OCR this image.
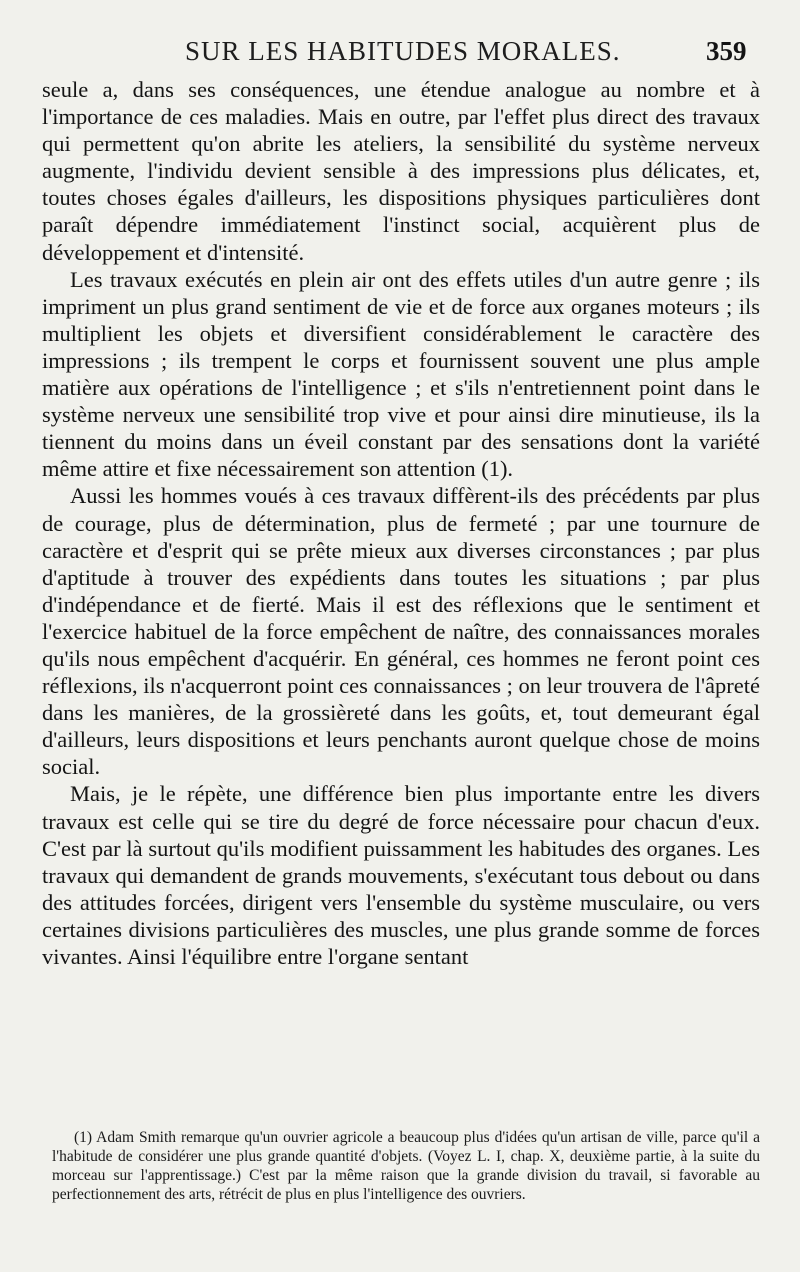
SUR LES HABITUDES MORALES.	359

seule a, dans ses conséquences, une étendue analogue au nombre et à l'importance de ces maladies. Mais en outre, par l'effet plus direct des travaux qui permettent qu'on abrite les ateliers, la sensibilité du système nerveux augmente, l'individu devient sensible à des impressions plus délicates, et, toutes choses égales d'ailleurs, les dispositions physiques particulières dont paraît dépendre immédiatement l'instinct social, acquièrent plus de développement et d'intensité.

Les travaux exécutés en plein air ont des effets utiles d'un autre genre ; ils impriment un plus grand sentiment de vie et de force aux organes moteurs ; ils multiplient les objets et diversifient considérablement le caractère des impressions ; ils trempent le corps et fournissent souvent une plus ample matière aux opérations de l'intelligence ; et s'ils n'entretiennent point dans le système nerveux une sensibilité trop vive et pour ainsi dire minutieuse, ils la tiennent du moins dans un éveil constant par des sensations dont la variété même attire et fixe nécessairement son attention (1).

Aussi les hommes voués à ces travaux diffèrent-ils des précédents par plus de courage, plus de détermination, plus de fermeté ; par une tournure de caractère et d'esprit qui se prête mieux aux diverses circonstances ; par plus d'aptitude à trouver des expédients dans toutes les situations ; par plus d'indépendance et de fierté. Mais il est des réflexions que le sentiment et l'exercice habituel de la force empêchent de naître, des connaissances morales qu'ils nous empêchent d'acquérir. En général, ces hommes ne feront point ces réflexions, ils n'acquerront point ces connaissances ; on leur trouvera de l'âpreté dans les manières, de la grossièreté dans les goûts, et, tout demeurant égal d'ailleurs, leurs dispositions et leurs penchants auront quelque chose de moins social.

Mais, je le répète, une différence bien plus importante entre les divers travaux est celle qui se tire du degré de force nécessaire pour chacun d'eux. C'est par là surtout qu'ils modifient puissamment les habitudes des organes. Les travaux qui demandent de grands mouvements, s'exécutant tous debout ou dans des attitudes forcées, dirigent vers l'ensemble du système musculaire, ou vers certaines divisions particulières des muscles, une plus grande somme de forces vivantes. Ainsi l'équilibre entre l'organe sentant

(1) Adam Smith remarque qu'un ouvrier agricole a beaucoup plus d'idées qu'un artisan de ville, parce qu'il a l'habitude de considérer une plus grande quantité d'objets. (Voyez L. I, chap. X, deuxième partie, à la suite du morceau sur l'apprentissage.) C'est par la même raison que la grande division du travail, si favorable au perfectionnement des arts, rétrécit de plus en plus l'intelligence des ouvriers.
